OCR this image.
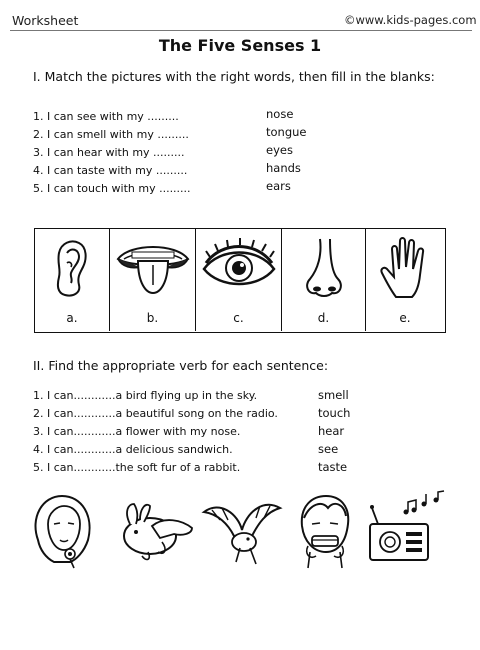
Worksheet	©www.kids-pages.com
The Five Senses 1
I. Match the pictures with the right words, then fill in the blanks:
1. I can see with my .........
2. I can smell with my .........
3. I can hear with my .........
4. I can taste with my .........
5. I can touch with my .........
nose
tongue
eyes
hands
ears
a.	b.	c.	d.	e.
II. Find the appropriate verb for each sentence:
1. I can............a bird flying up in the sky.
2. I can............a beautiful song on the radio.
3. I can............a flower with my nose.
4. I can............a delicious sandwich.
5. I can............the soft fur of a rabbit.
smell
touch
hear
see
taste
